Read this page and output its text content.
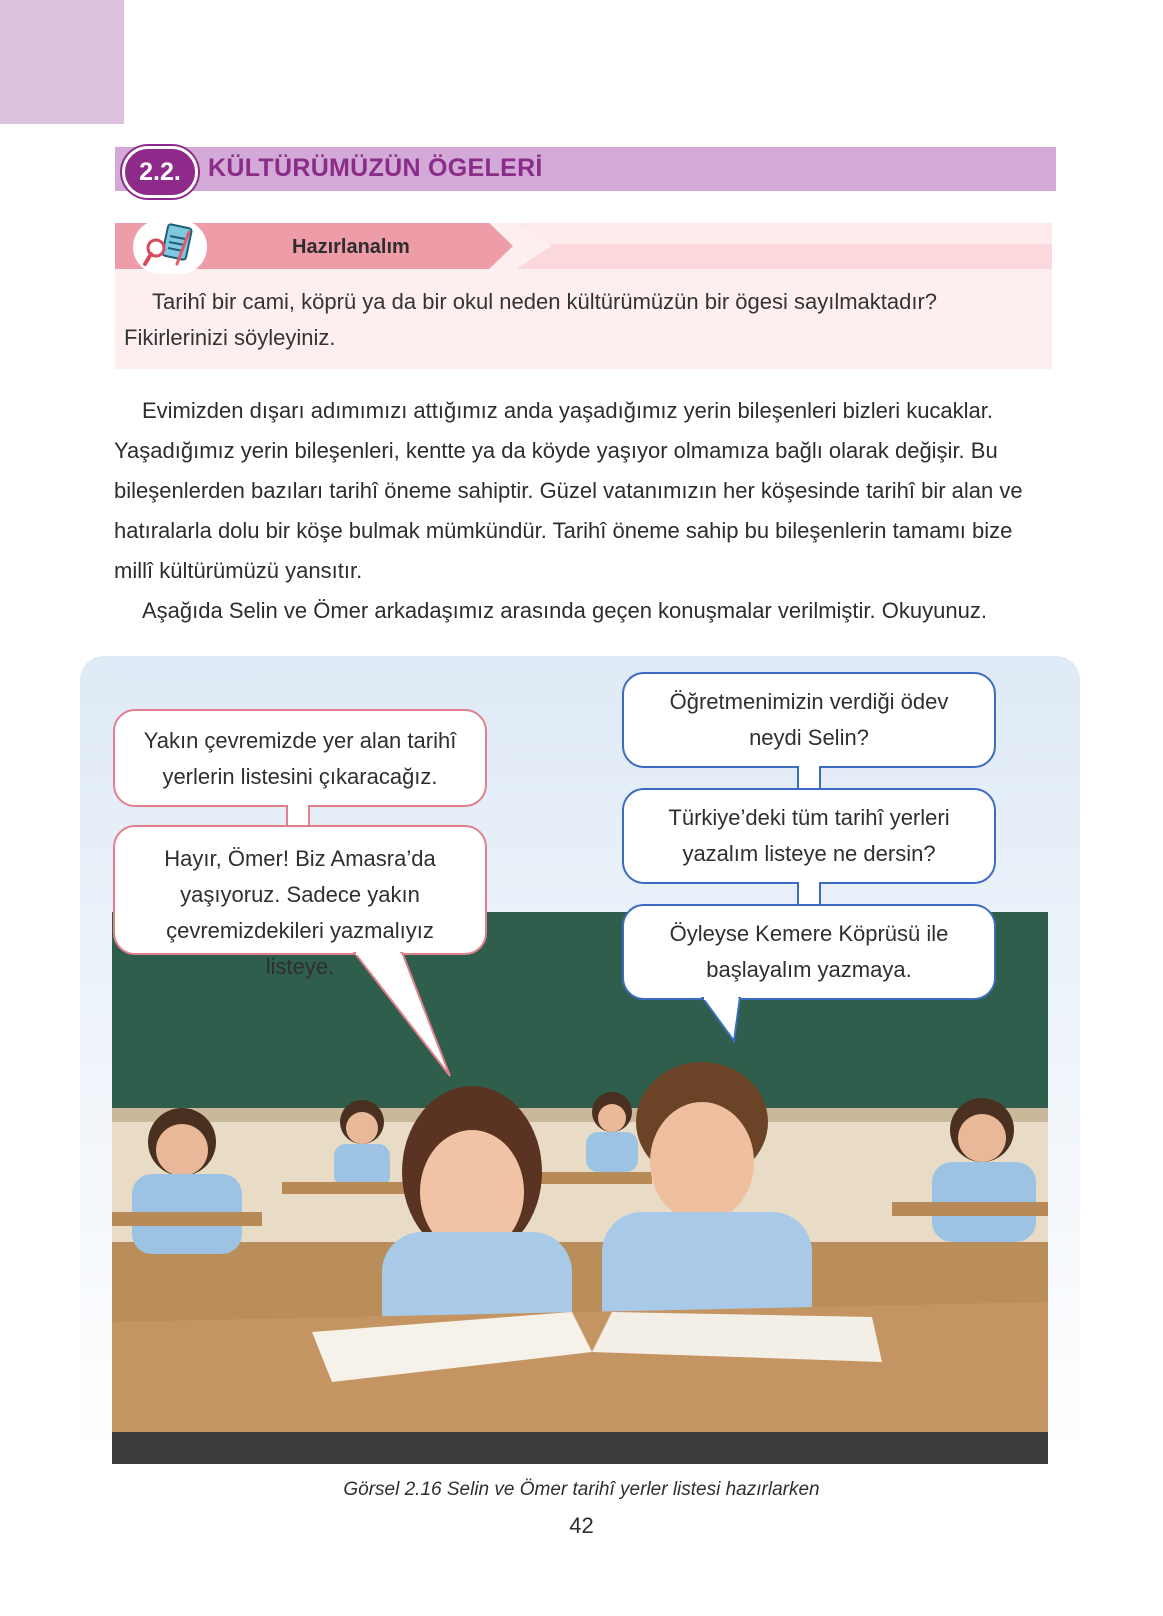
2.2.	KÜLTÜRÜMÜZÜN ÖGELERİ
Hazırlanalım

Tarihî bir cami, köprü ya da bir okul neden kültürümüzün bir ögesi sayılmaktadır? Fikirlerinizi söyleyiniz.

Evimizden dışarı adımımızı attığımız anda yaşadığımız yerin bileşenleri bizleri kucaklar. Yaşadığımız yerin bileşenleri, kentte ya da köyde yaşıyor olmamıza bağlı olarak değişir. Bu bileşenlerden bazıları tarihî öneme sahiptir. Güzel vatanımızın her köşesinde tarihî bir alan ve hatıralarla dolu bir köşe bulmak mümkündür. Tarihî öneme sahip bu bileşenlerin tamamı bize millî kültürümüzü yansıtır.

Aşağıda Selin ve Ömer arkadaşımız arasında geçen konuşmalar verilmiştir. Okuyunuz.

Yakın çevremizde yer alan tarihî yerlerin listesini çıkaracağız.
Hayır, Ömer! Biz Amasra’da yaşıyoruz. Sadece yakın çevremizdekileri yazmalıyız listeye.
Öğretmenimizin verdiği ödev neydi Selin?
Türkiye’deki tüm tarihî yerleri yazalım listeye ne dersin?
Öyleyse Kemere Köprüsü ile başlayalım yazmaya.
Görsel 2.16 Selin ve Ömer tarihî yerler listesi hazırlarken
42
